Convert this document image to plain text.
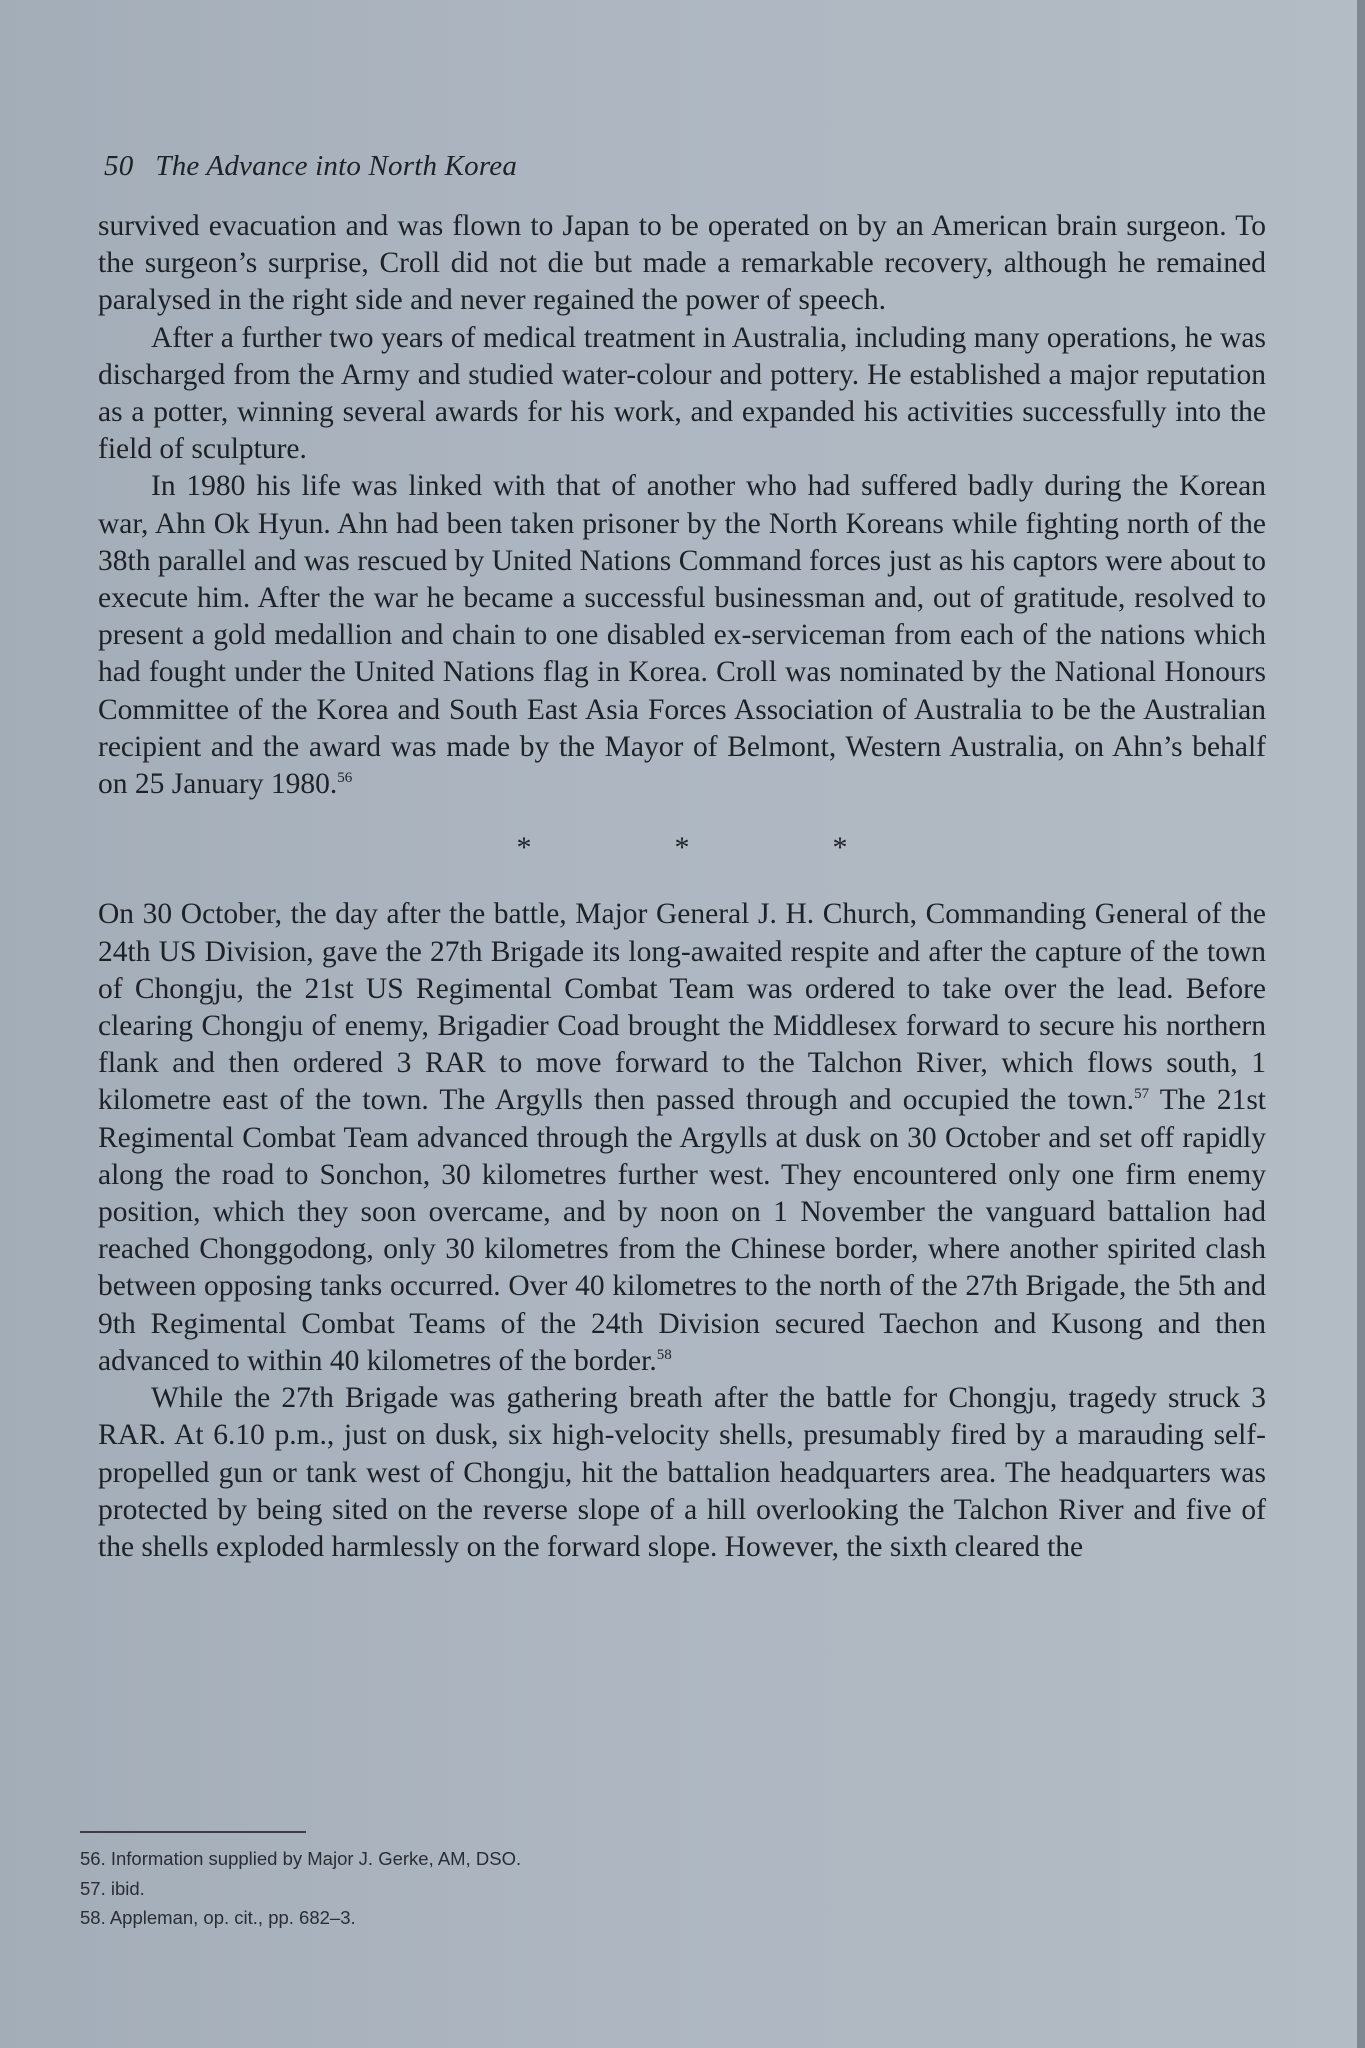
50 The Advance into North Korea

survived evacuation and was flown to Japan to be operated on by an American brain surgeon. To the surgeon’s surprise, Croll did not die but made a remarkable recovery, although he remained paralysed in the right side and never regained the power of speech.

After a further two years of medical treatment in Australia, including many operations, he was discharged from the Army and studied water-colour and pottery. He established a major reputation as a potter, winning several awards for his work, and expanded his activities successfully into the field of sculpture.

In 1980 his life was linked with that of another who had suffered badly during the Korean war, Ahn Ok Hyun. Ahn had been taken prisoner by the North Koreans while fighting north of the 38th parallel and was rescued by United Nations Command forces just as his captors were about to execute him. After the war he became a successful businessman and, out of gratitude, resolved to present a gold medallion and chain to one disabled ex-serviceman from each of the nations which had fought under the United Nations flag in Korea. Croll was nominated by the National Honours Committee of the Korea and South East Asia Forces Association of Australia to be the Australian recipient and the award was made by the Mayor of Belmont, Western Australia, on Ahn’s behalf on 25 January 1980.56

*	*	*

On 30 October, the day after the battle, Major General J. H. Church, Commanding General of the 24th US Division, gave the 27th Brigade its long-awaited respite and after the capture of the town of Chongju, the 21st US Regimental Combat Team was ordered to take over the lead. Before clearing Chongju of enemy, Brigadier Coad brought the Middlesex forward to secure his northern flank and then ordered 3 RAR to move forward to the Talchon River, which flows south, 1 kilometre east of the town. The Argylls then passed through and occupied the town.$^{57}$ The 21st Regimental Combat Team advanced through the Argylls at dusk on 30 October and set off rapidly along the road to Sonchon, 30 kilometres further west. They encountered only one firm enemy position, which they soon overcame, and by noon on 1 November the vanguard battalion had reached Chonggodong, only 30 kilometres from the Chinese border, where another spirited clash between opposing tanks occurred. Over 40 kilometres to the north of the 27th Brigade, the 5th and 9th Regimental Combat Teams of the 24th Division secured Taechon and Kusong and then advanced to within 40 kilometres of the border.$^{58}$

While the 27th Brigade was gathering breath after the battle for Chongju, tragedy struck 3 RAR. At 6.10 p.m., just on dusk, six high-velocity shells, presumably fired by a marauding self-propelled gun or tank west of Chongju, hit the battalion headquarters area. The headquarters was protected by being sited on the reverse slope of a hill overlooking the Talchon River and five of the shells exploded harmlessly on the forward slope. However, the sixth cleared the

56. Information supplied by Major J. Gerke, AM, DSO.
57. ibid.
58. Appleman, op. cit., pp. 682–3.
